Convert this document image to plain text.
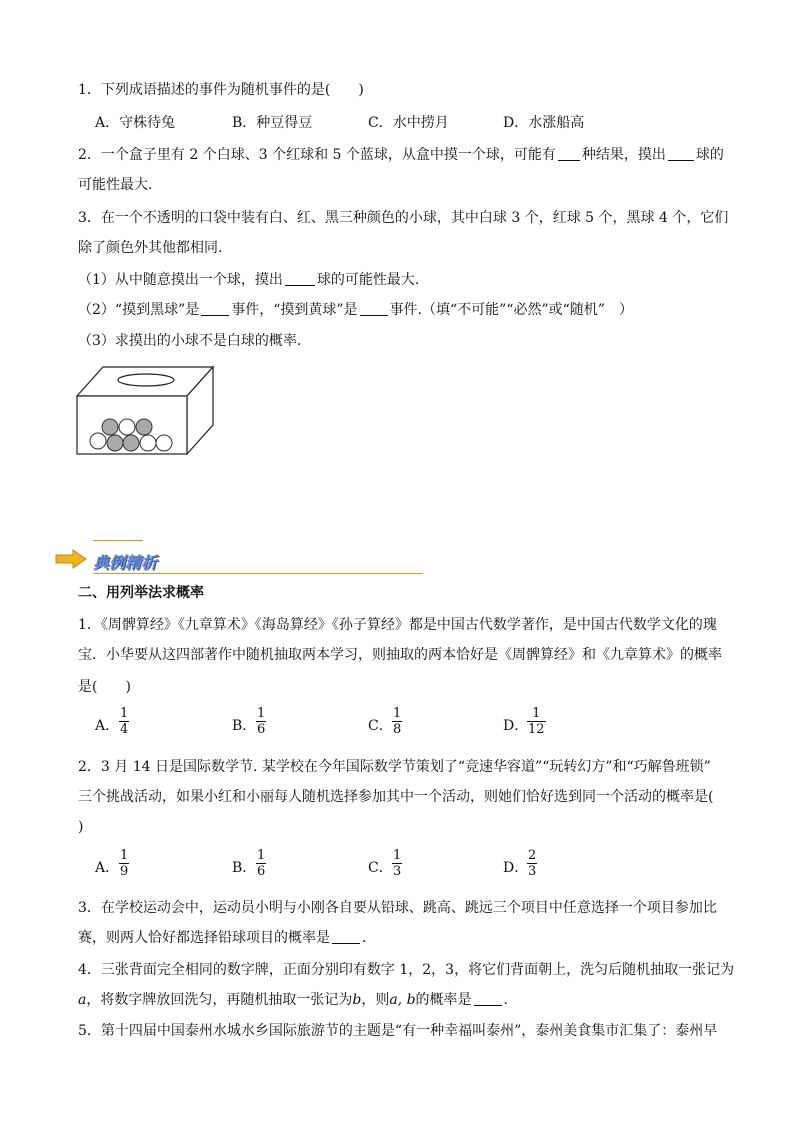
1．下列成语描述的事件为随机事件的是(　　)
A．守株待兔	B．种豆得豆	C．水中捞月	D．水涨船高
2．一个盒子里有 2 个白球、3 个红球和 5 个蓝球，从盒中摸一个球，可能有 种结果，摸出 球的
可能性最大.
3．在一个不透明的口袋中装有白、红、黑三种颜色的小球，其中白球 3 个，红球 5 个，黑球 4 个，它们
除了颜色外其他都相同.
（1）从中随意摸出一个球，摸出 球的可能性最大.
（2）“摸到黑球”是 事件，“摸到黄球”是 事件.（填“不可能”“必然”或“随机”　）
（3）求摸出的小球不是白球的概率.
典例精析
二、用列举法求概率
1．《周髀算经》《九章算术》《海岛算经》《孙子算经》都是中国古代数学著作，是中国古代数学文化的瑰
宝．小华要从这四部著作中随机抽取两本学习，则抽取的两本恰好是《周髀算经》和《九章算术》的概率
是(　　)
A． $\frac{1}{4}$	B． $\frac{1}{6}$	C． $\frac{1}{8}$	D．
$\frac{1}{12}$
2．3 月 14 日是国际数学节. 某学校在今年国际数学节策划了“竞速华容道”“玩转幻方”和“巧解鲁班锁”
三个挑战活动，如果小红和小丽每人随机选择参加其中一个活动，则她们恰好选到同一个活动的概率是(
)
A． $\frac{1}{9}$	B． $\frac{1}{6}$	C． $\frac{1}{3}$	D．
$\frac{2}{3}$
3．在学校运动会中，运动员小明与小刚各自要从铅球、跳高、跳远三个项目中任意选择一个项目参加比
赛，则两人恰好都选择铅球项目的概率是 .
4．三张背面完全相同的数字牌，正面分别印有数字 1，2，3，将它们背面朝上，洗匀后随机抽取一张记为
a，将数字牌放回洗匀，再随机抽取一张记为b，则a, b的概率是 .
5．第十四届中国泰州水城水乡国际旅游节的主题是“有一种幸福叫泰州”，泰州美食集市汇集了：泰州早
